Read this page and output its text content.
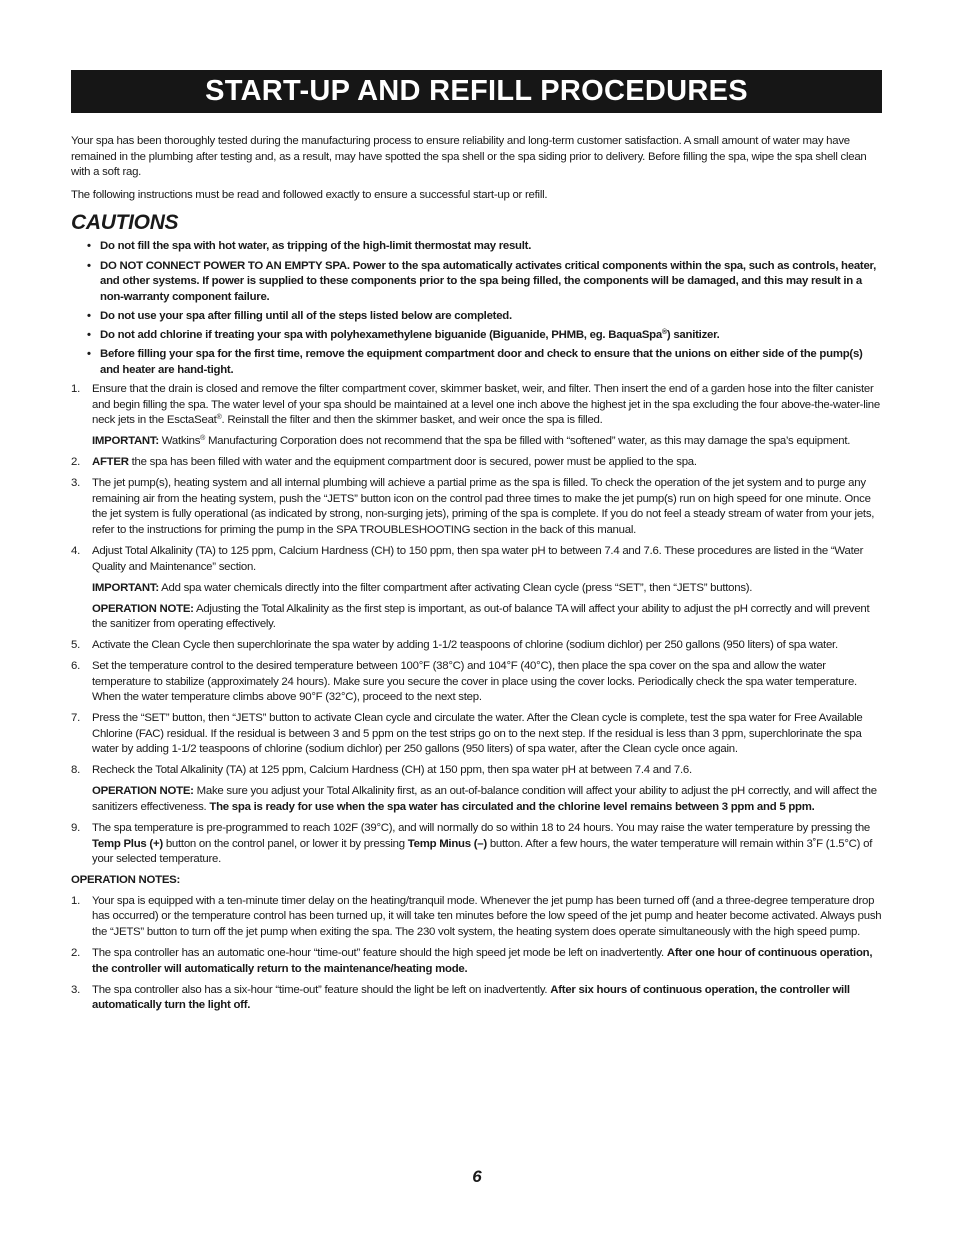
START-UP AND REFILL PROCEDURES

Your spa has been thoroughly tested during the manufacturing process to ensure reliability and long-term customer satisfaction. A small amount of water may have remained in the plumbing after testing and, as a result, may have spotted the spa shell or the spa siding prior to delivery. Before filling the spa, wipe the spa shell clean with a soft rag.

The following instructions must be read and followed exactly to ensure a successful start-up or refill.

CAUTIONS
• Do not fill the spa with hot water, as tripping of the high-limit thermostat may result.
• DO NOT CONNECT POWER TO AN EMPTY SPA. Power to the spa automatically activates critical components within the spa, such as controls, heater, and other systems. If power is supplied to these components prior to the spa being filled, the components will be damaged, and this may result in a non-warranty component failure.
• Do not use your spa after filling until all of the steps listed below are completed.
• Do not add chlorine if treating your spa with polyhexamethylene biguanide (Biguanide, PHMB, eg. BaquaSpa®) sanitizer.
• Before filling your spa for the first time, remove the equipment compartment door and check to ensure that the unions on either side of the pump(s) and heater are hand-tight.
1. Ensure that the drain is closed and remove the filter compartment cover, skimmer basket, weir, and filter. Then insert the end of a garden hose into the filter canister and begin filling the spa. The water level of your spa should be maintained at a level one inch above the highest jet in the spa excluding the four above-the-water-line neck jets in the EsctaSeat®. Reinstall the filter and then the skimmer basket, and weir once the spa is filled.

IMPORTANT: Watkins® Manufacturing Corporation does not recommend that the spa be filled with “softened” water, as this may damage the spa’s equipment.

2. AFTER the spa has been filled with water and the equipment compartment door is secured, power must be applied to the spa.

3. The jet pump(s), heating system and all internal plumbing will achieve a partial prime as the spa is filled. To check the operation of the jet system and to purge any remaining air from the heating system, push the “JETS” button icon on the control pad three times to make the jet pump(s) run on high speed for one minute. Once the jet system is fully operational (as indicated by strong, non-surging jets), priming of the spa is complete. If you do not feel a steady stream of water from your jets, refer to the instructions for priming the pump in the SPA TROUBLESHOOTING section in the back of this manual.

4. Adjust Total Alkalinity (TA) to 125 ppm, Calcium Hardness (CH) to 150 ppm, then spa water pH to between 7.4 and 7.6. These procedures are listed in the “Water Quality and Maintenance” section.

IMPORTANT: Add spa water chemicals directly into the filter compartment after activating Clean cycle (press “SET”, then “JETS” buttons).

OPERATION NOTE: Adjusting the Total Alkalinity as the first step is important, as out-of balance TA will affect your ability to adjust the pH correctly and will prevent the sanitizer from operating effectively.

5. Activate the Clean Cycle then superchlorinate the spa water by adding 1-1/2 teaspoons of chlorine (sodium dichlor) per 250 gallons (950 liters) of spa water.

6. Set the temperature control to the desired temperature between 100°F (38°C) and 104°F (40°C), then place the spa cover on the spa and allow the water temperature to stabilize (approximately 24 hours). Make sure you secure the cover in place using the cover locks. Periodically check the spa water temperature. When the water temperature climbs above 90°F (32°C), proceed to the next step.

7. Press the “SET” button, then “JETS” button to activate Clean cycle and circulate the water. After the Clean cycle is complete, test the spa water for Free Available Chlorine (FAC) residual. If the residual is between 3 and 5 ppm on the test strips go on to the next step. If the residual is less than 3 ppm, superchlorinate the spa water by adding 1-1/2 teaspoons of chlorine (sodium dichlor) per 250 gallons (950 liters) of spa water, after the Clean cycle once again.

8. Recheck the Total Alkalinity (TA) at 125 ppm, Calcium Hardness (CH) at 150 ppm, then spa water pH at between 7.4 and 7.6.

OPERATION NOTE: Make sure you adjust your Total Alkalinity first, as an out-of-balance condition will affect your ability to adjust the pH correctly, and will affect the sanitizers effectiveness. The spa is ready for use when the spa water has circulated and the chlorine level remains between 3 ppm and 5 ppm.

9. The spa temperature is pre-programmed to reach 102F (39°C), and will normally do so within 18 to 24 hours. You may raise the water temperature by pressing the Temp Plus (+) button on the control panel, or lower it by pressing Temp Minus (–) button. After a few hours, the water temperature will remain within 3˚F (1.5°C) of your selected temperature.

OPERATION NOTES:

1. Your spa is equipped with a ten-minute timer delay on the heating/tranquil mode. Whenever the jet pump has been turned off (and a three-degree temperature drop has occurred) or the temperature control has been turned up, it will take ten minutes before the low speed of the jet pump and heater become activated. Always push the “JETS” button to turn off the jet pump when exiting the spa. The 230 volt system, the heating system does operate simultaneously with the high speed pump.

2. The spa controller has an automatic one-hour “time-out” feature should the high speed jet mode be left on inadvertently. After one hour of continuous operation, the controller will automatically return to the maintenance/heating mode.

3. The spa controller also has a six-hour “time-out” feature should the light be left on inadvertently. After six hours of continuous operation, the controller will automatically turn the light off.

6
